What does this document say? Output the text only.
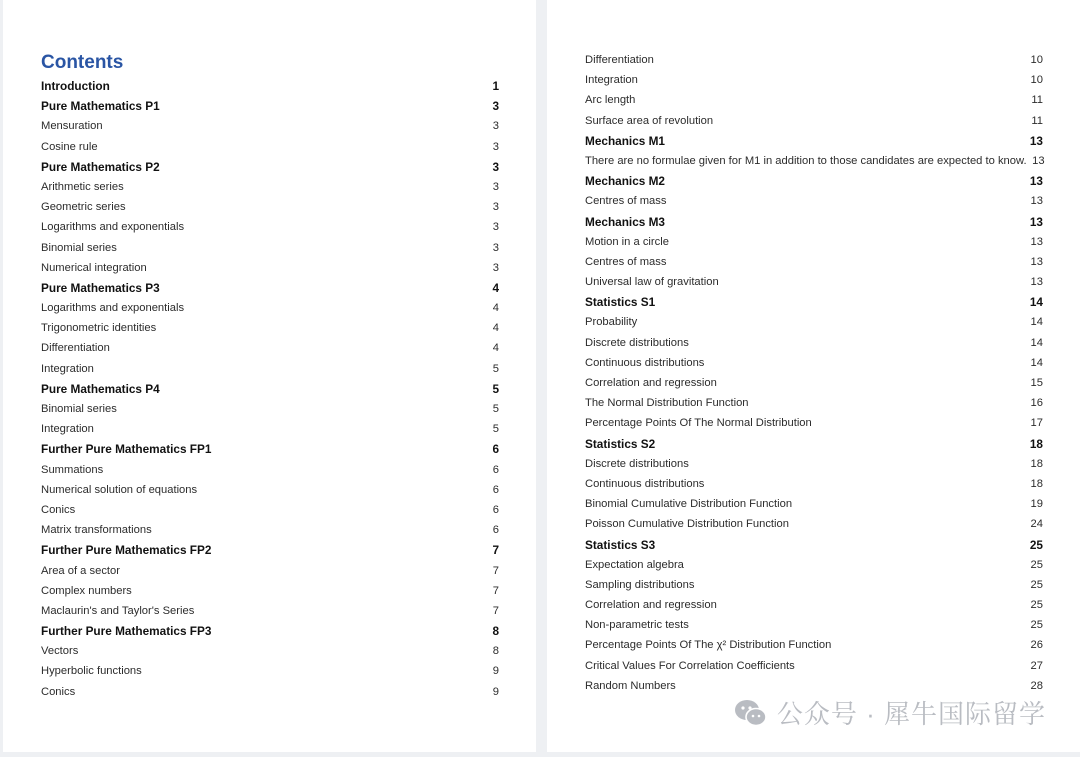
Contents
Introduction	1
Pure Mathematics P1	3
Mensuration	3
Cosine rule	3
Pure Mathematics P2	3
Arithmetic series	3
Geometric series	3
Logarithms and exponentials	3
Binomial series	3
Numerical integration	3
Pure Mathematics P3	4
Logarithms and exponentials	4
Trigonometric identities	4
Differentiation	4
Integration	5
Pure Mathematics P4	5
Binomial series	5
Integration	5
Further Pure Mathematics FP1	6
Summations	6
Numerical solution of equations	6
Conics	6
Matrix transformations	6
Further Pure Mathematics FP2	7
Area of a sector	7
Complex numbers	7
Maclaurin's and Taylor's Series	7
Further Pure Mathematics FP3	8
Vectors	8
Hyperbolic functions	9
Conics	9
Differentiation	10
Integration	10
Arc length	11
Surface area of revolution	11
Mechanics M1	13
There are no formulae given for M1 in addition to those candidates are expected to know. 13
Mechanics M2	13
Centres of mass	13
Mechanics M3	13
Motion in a circle	13
Centres of mass	13
Universal law of gravitation	13
Statistics S1	14
Probability	14
Discrete distributions	14
Continuous distributions	14
Correlation and regression	15
The Normal Distribution Function	16
Percentage Points Of The Normal Distribution	17
Statistics S2	18
Discrete distributions	18
Continuous distributions	18
Binomial Cumulative Distribution Function	19
Poisson Cumulative Distribution Function	24
Statistics S3	25
Expectation algebra	25
Sampling distributions	25
Correlation and regression	25
Non-parametric tests	25
Percentage Points Of The χ² Distribution Function	26
Critical Values For Correlation Coefficients	27
Random Numbers	28
公众号 · 犀牛国际留学
